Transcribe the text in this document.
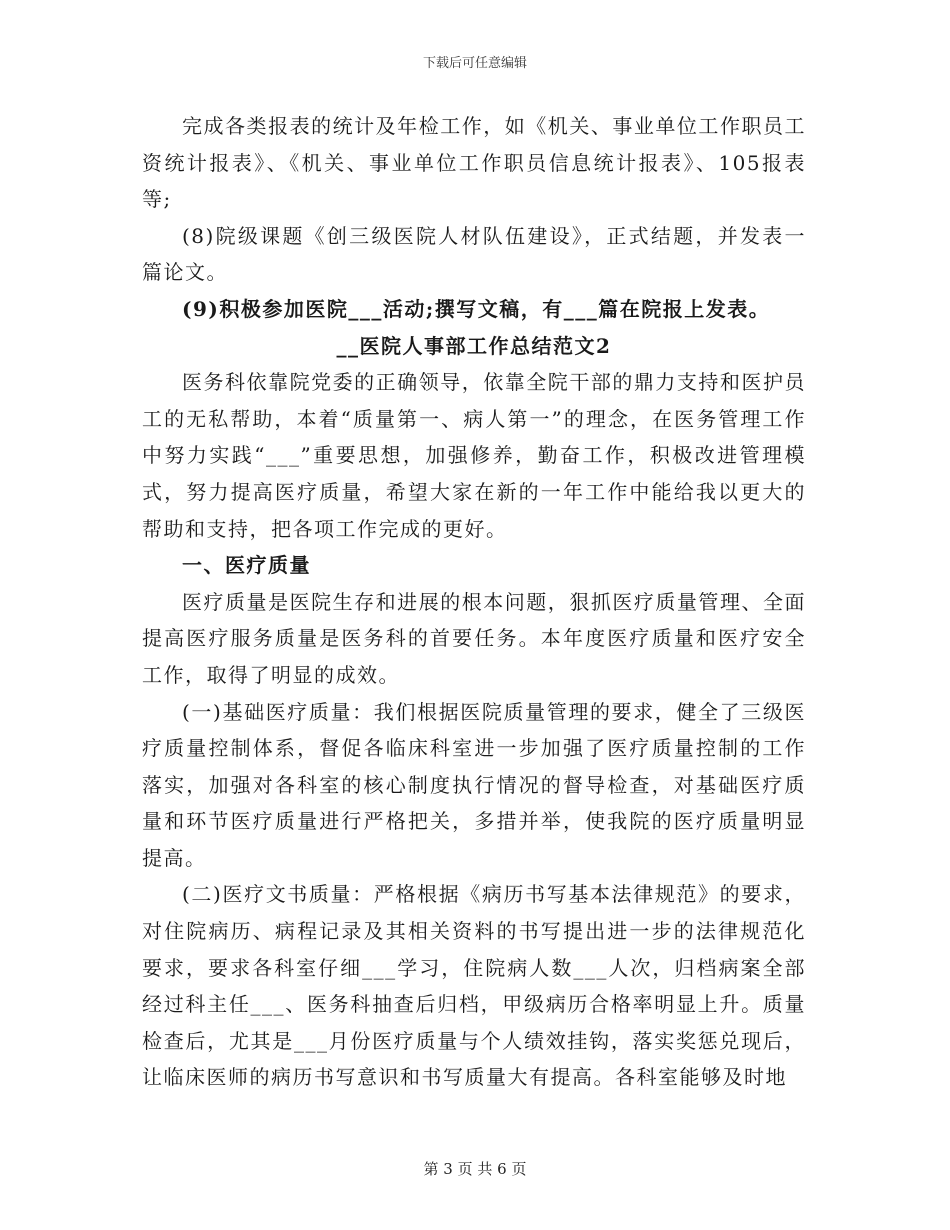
下载后可任意编辑

完成各类报表的统计及年检工作，如《机关、事业单位工作职员工资统计报表》、《机关、事业单位工作职员信息统计报表》、105报表等;

(8)院级课题《创三级医院人材队伍建设》，正式结题，并发表一篇论文。

(9)积极参加医院___活动;撰写文稿，有___篇在院报上发表。

__医院人事部工作总结范文2

医务科依靠院党委的正确领导，依靠全院干部的鼎力支持和医护员工的无私帮助，本着“质量第一、病人第一”的理念，在医务管理工作中努力实践“___”重要思想，加强修养，勤奋工作，积极改进管理模式，努力提高医疗质量，希望大家在新的一年工作中能给我以更大的帮助和支持，把各项工作完成的更好。

一、医疗质量

医疗质量是医院生存和进展的根本问题，狠抓医疗质量管理、全面提高医疗服务质量是医务科的首要任务。本年度医疗质量和医疗安全工作，取得了明显的成效。

(一)基础医疗质量：我们根据医院质量管理的要求，健全了三级医疗质量控制体系，督促各临床科室进一步加强了医疗质量控制的工作落实，加强对各科室的核心制度执行情况的督导检查，对基础医疗质量和环节医疗质量进行严格把关，多措并举，使我院的医疗质量明显提高。

(二)医疗文书质量：严格根据《病历书写基本法律规范》的要求，对住院病历、病程记录及其相关资料的书写提出进一步的法律规范化要求，要求各科室仔细___学习，住院病人数___人次，归档病案全部经过科主任___、医务科抽查后归档，甲级病历合格率明显上升。质量检查后，尤其是___月份医疗质量与个人绩效挂钩，落实奖惩兑现后，让临床医师的病历书写意识和书写质量大有提高。各科室能够及时地

第 3 页 共 6 页
